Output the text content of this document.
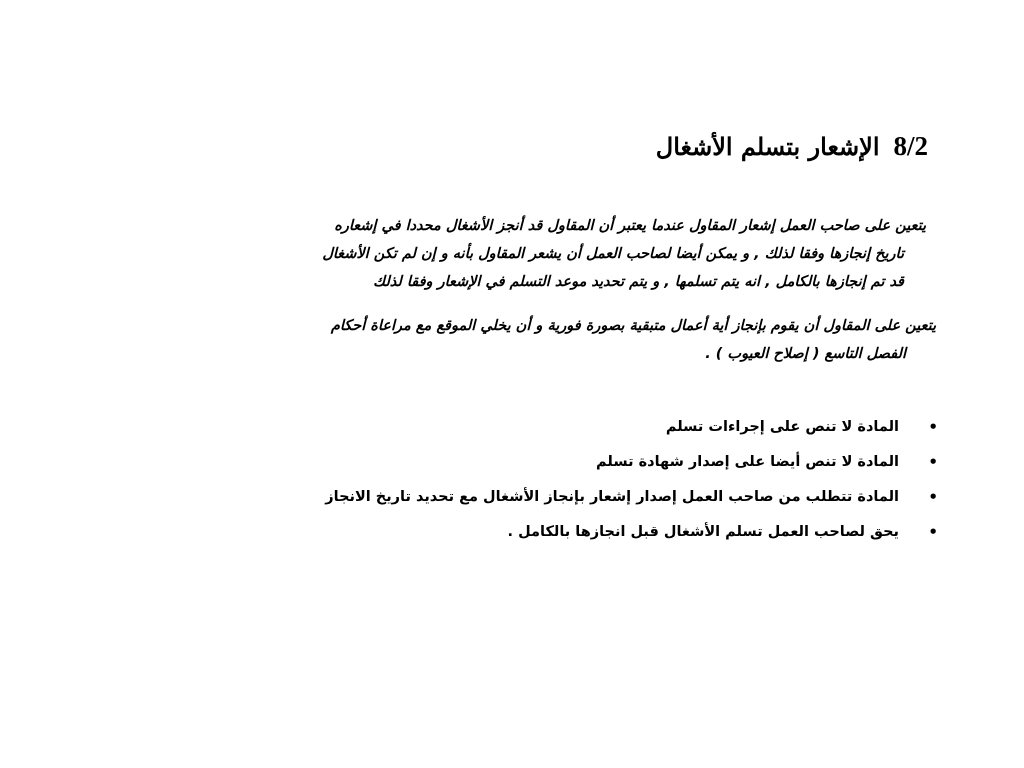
8/2الإشعار بتسلم الأشغال
يتعين على صاحب العمل إشعار المقاول عندما يعتبر أن المقاول قد أنجز الأشغال محددا في إشعاره
تاريخ إنجازها وفقا لذلك , و يمكن أيضا لصاحب العمل أن يشعر المقاول بأنه و إن لم تكن الأشغال
قد تم إنجازها بالكامل , انه يتم تسلمها , و يتم تحديد موعد التسلم في الإشعار وفقا لذلك
يتعين على المقاول أن يقوم بإنجاز أية أعمال متبقية بصورة فورية و أن يخلي الموقع مع مراعاة أحكام
الفصل التاسع ( إصلاح العيوب ) .
•
المادة لا تنص على إجراءات تسلم
•
المادة لا تنص أيضا على إصدار شهادة تسلم
•
المادة تتطلب من صاحب العمل إصدار إشعار بإنجاز الأشغال مع تحديد تاريخ الانجاز
•
يحق لصاحب العمل تسلم الأشغال قبل انجازها بالكامل .
